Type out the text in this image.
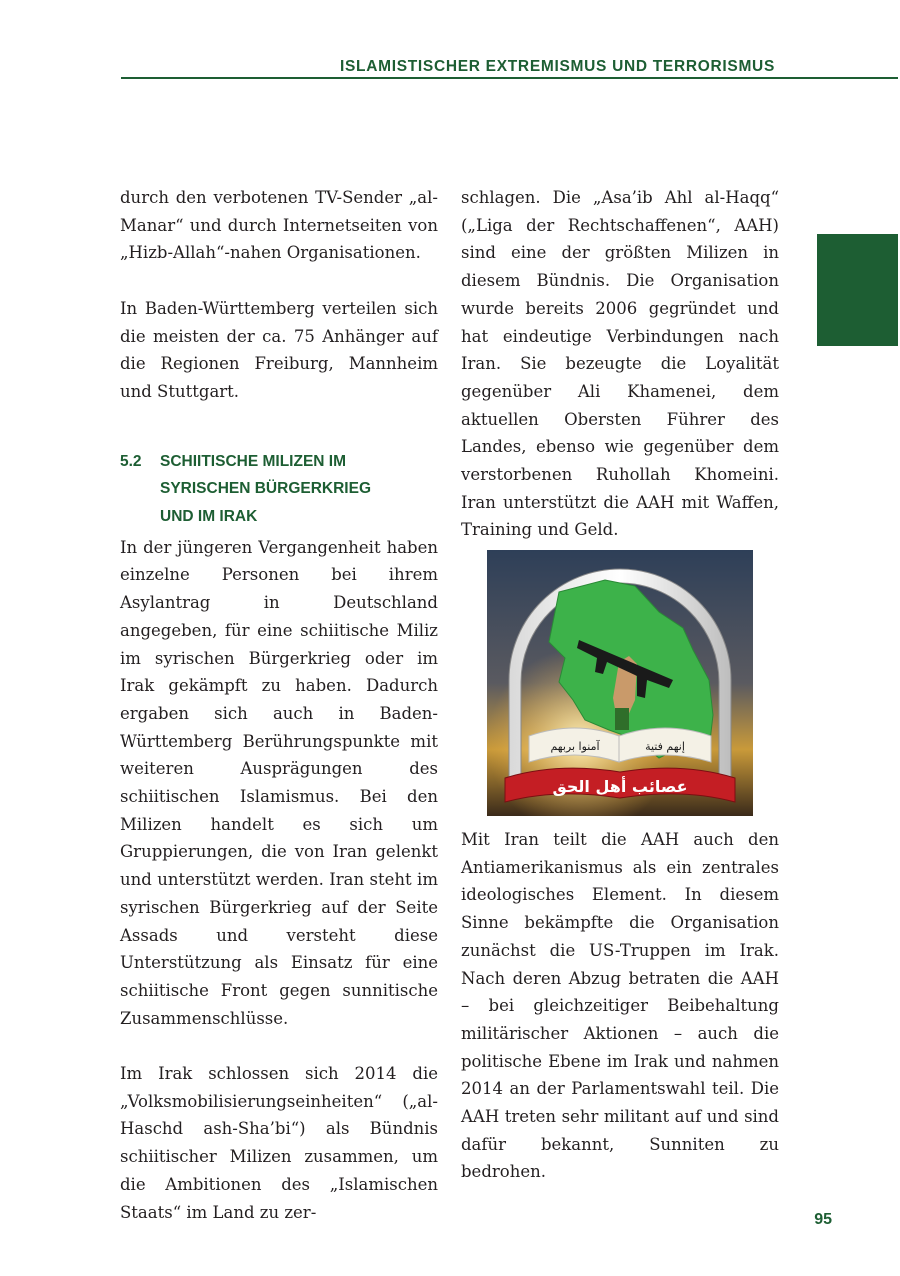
ISLAMISTISCHER EXTREMISMUS UND TERRORISMUS

durch den verbotenen TV-Sender „al-Manar“ und durch Internetseiten von „Hizb-Allah“-nahen Organisationen.

In Baden-Württemberg verteilen sich die meisten der ca. 75 Anhänger auf die Regionen Freiburg, Mannheim und Stuttgart.

5.2 SCHIITISCHE MILIZEN IM
SYRISCHEN BÜRGERKRIEG
UND IM IRAK

In der jüngeren Vergangenheit haben einzelne Personen bei ihrem Asylantrag in Deutschland angegeben, für eine schiitische Miliz im syrischen Bürgerkrieg oder im Irak gekämpft zu haben. Dadurch ergaben sich auch in Baden-Württemberg Berührungspunkte mit weiteren Ausprägungen des schiitischen Islamismus. Bei den Milizen handelt es sich um Gruppierungen, die von Iran gelenkt und unterstützt werden. Iran steht im syrischen Bürgerkrieg auf der Seite Assads und versteht diese Unterstützung als Einsatz für eine schiitische Front gegen sunnitische Zusammenschlüsse.

Im Irak schlossen sich 2014 die „Volksmobilisierungseinheiten“ („al-Haschd ash-Sha’bi“) als Bündnis schiitischer Milizen zusammen, um die Ambitionen des „Islamischen Staats“ im Land zu zer-

schlagen. Die „Asa’ib Ahl al-Haqq“ („Liga der Rechtschaffenen“, AAH) sind eine der größten Milizen in diesem Bündnis. Die Organisation wurde bereits 2006 gegründet und hat eindeutige Verbindungen nach Iran. Sie bezeugte die Loyalität gegenüber Ali Khamenei, dem aktuellen Obersten Führer des Landes, ebenso wie gegenüber dem verstorbenen Ruhollah Khomeini. Iran unterstützt die AAH mit Waffen, Training und Geld.

آمنوا بربهم	إنهم فتية
عصائب أهل الحق

Mit Iran teilt die AAH auch den Antiamerikanismus als ein zentrales ideologisches Element. In diesem Sinne bekämpfte die Organisation zunächst die US-Truppen im Irak. Nach deren Abzug betraten die AAH – bei gleichzeitiger Beibehaltung militärischer Aktionen – auch die politische Ebene im Irak und nahmen 2014 an der Parlamentswahl teil. Die AAH treten sehr militant auf und sind dafür bekannt, Sunniten zu bedrohen.

95
